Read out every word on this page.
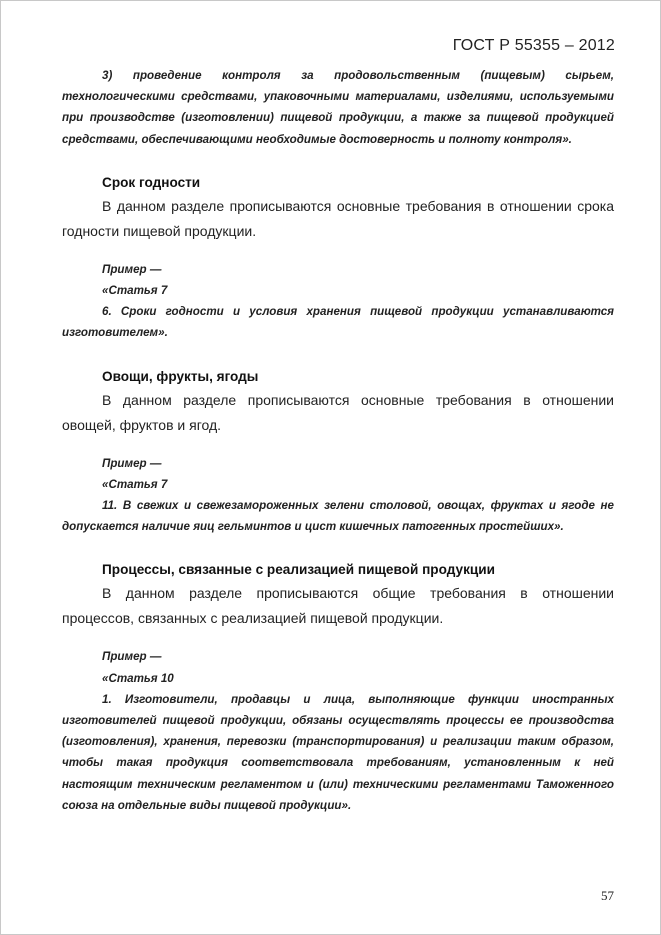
ГОСТ Р 55355 – 2012

3) проведение контроля за продовольственным (пищевым) сырьем, технологическими средствами, упаковочными материалами, изделиями, используемыми при производстве (изготовлении) пищевой продукции, а также за пищевой продукцией средствами, обеспечивающими необходимые достоверность и полноту контроля».

Срок годности

В данном разделе прописываются основные требования в отношении срока годности пищевой продукции.

Пример —

«Статья 7

6. Сроки годности и условия хранения пищевой продукции устанавливаются изготовителем».

Овощи, фрукты, ягоды

В данном разделе прописываются основные требования в отношении овощей, фруктов и ягод.

Пример —

«Статья 7

11. В свежих и свежезамороженных зелени столовой, овощах, фруктах и ягоде не допускается наличие яиц гельминтов и цист кишечных патогенных простейших».

Процессы, связанные с реализацией пищевой продукции

В данном разделе прописываются общие требования в отношении процессов, связанных с реализацией пищевой продукции.

Пример —

«Статья 10

1. Изготовители, продавцы и лица, выполняющие функции иностранных изготовителей пищевой продукции, обязаны осуществлять процессы ее производства (изготовления), хранения, перевозки (транспортирования) и реализации таким образом, чтобы такая продукция соответствовала требованиям, установленным к ней настоящим техническим регламентом и (или) техническими регламентами Таможенного союза на отдельные виды пищевой продукции».

57
